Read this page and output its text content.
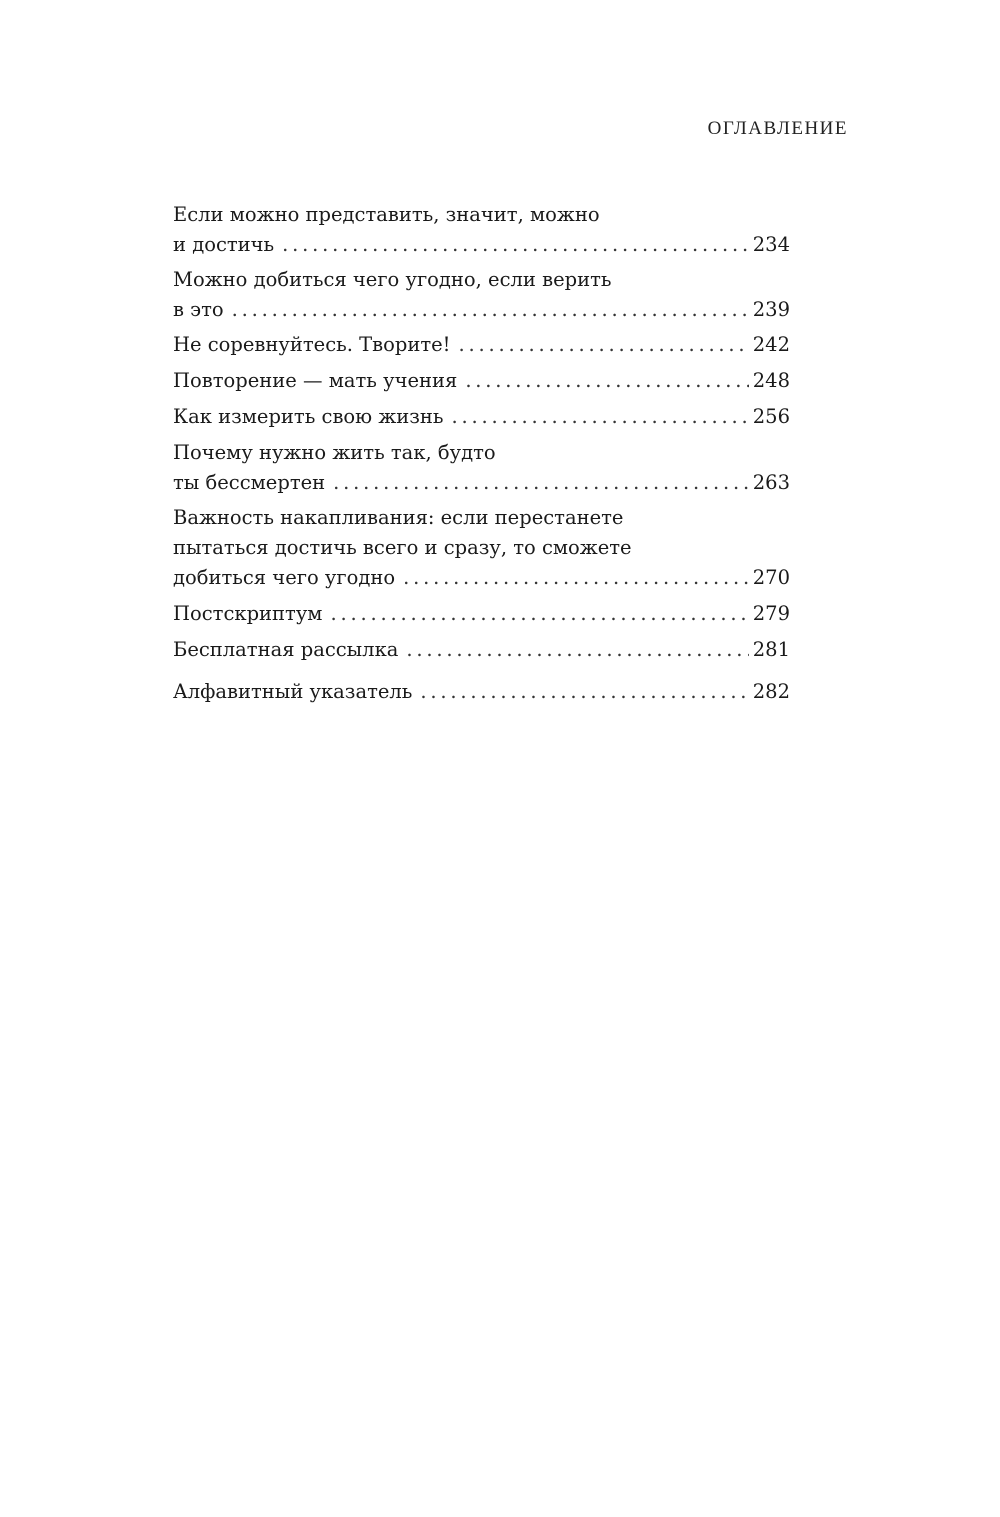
ОГЛАВЛЕНИЕ
Если можно представить, значит, можно
и достичь . . .	234
Можно добиться чего угодно, если верить
в это . . .	239
Не соревнуйтесь. Творите! . . .	242
Повторение — мать учения . . .	248
Как измерить свою жизнь . . .	256
Почему нужно жить так, будто
ты бессмертен . . .	263
Важность накапливания: если перестанете
пытаться достичь всего и сразу, то сможете
добиться чего угодно . . .	270
Постскриптум . . .	279
Бесплатная рассылка . . .	281
Алфавитный указатель . . .	282
